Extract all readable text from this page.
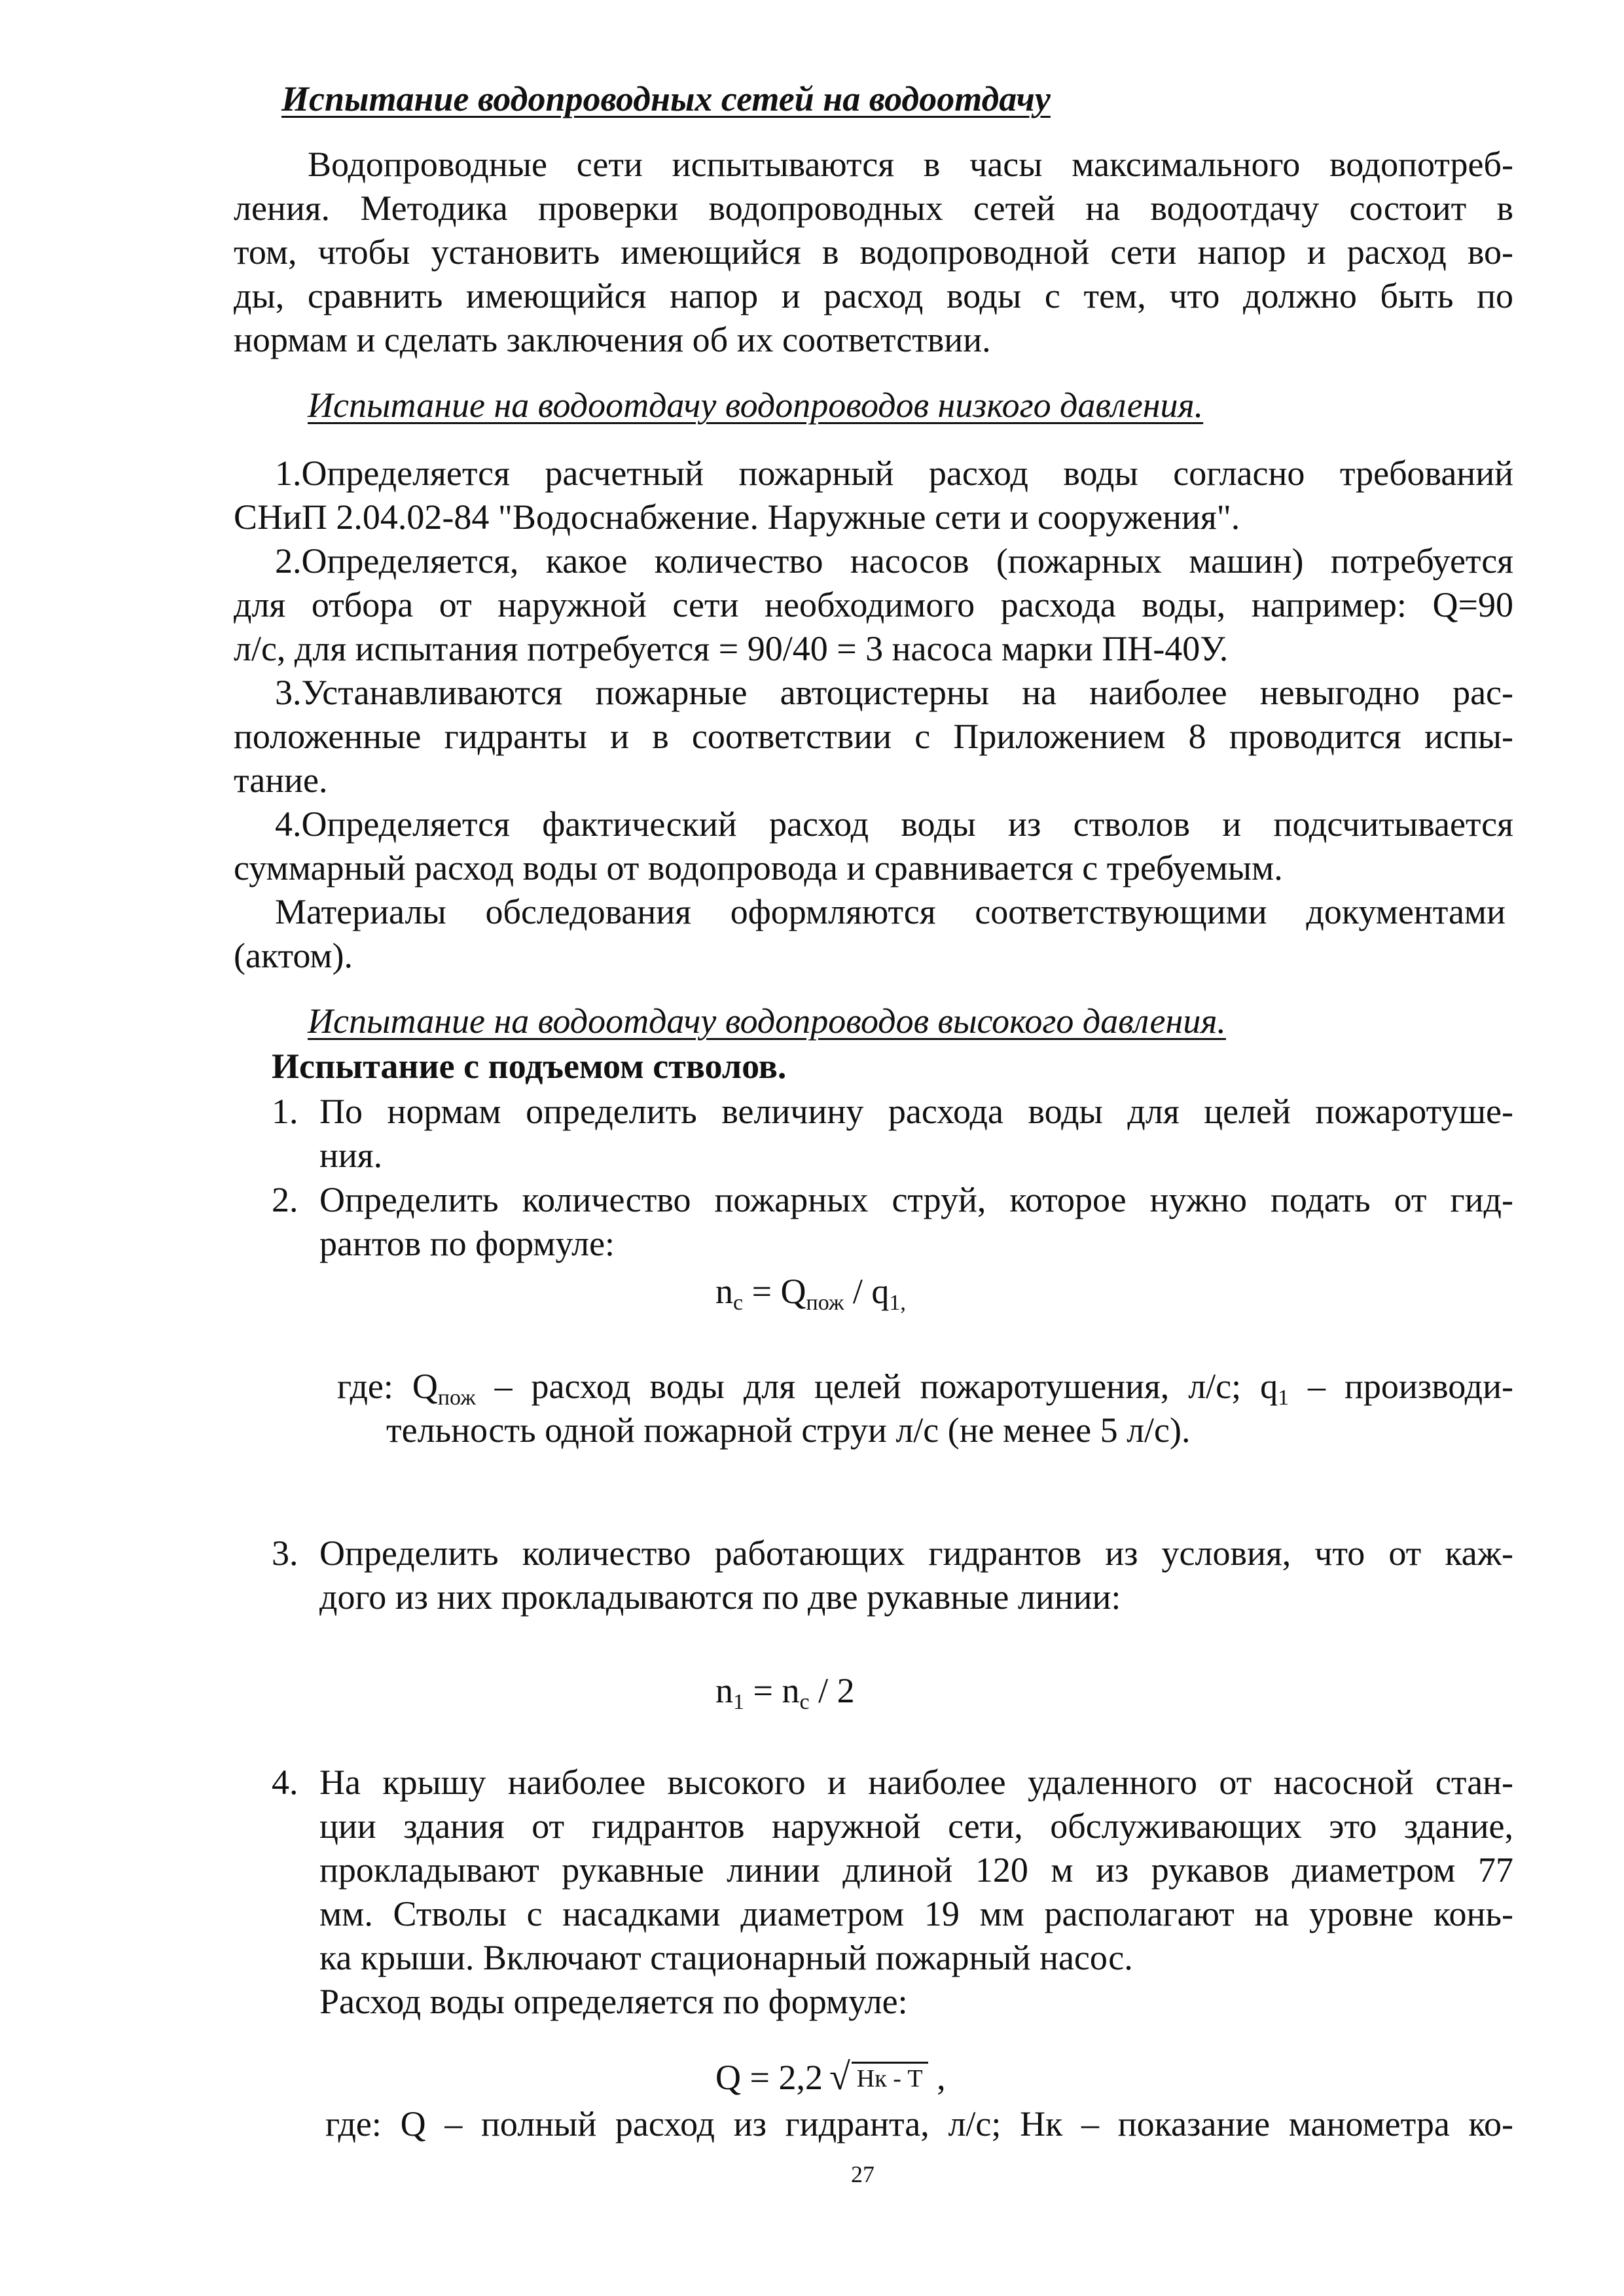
Испытание водопроводных сетей на водоотдачу

Водопроводные сети испытываются в часы максимального водопотреб-

ления. Методика проверки водопроводных сетей на водоотдачу состоит в

том, чтобы установить имеющийся в водопроводной сети напор и расход во-

ды, сравнить имеющийся напор и расход воды с тем, что должно быть по

нормам и сделать заключения об их соответствии.

Испытание на водоотдачу водопроводов низкого давления.

1.Определяется расчетный пожарный расход воды согласно требований

СНиП 2.04.02-84 "Водоснабжение. Наружные сети и сооружения".

2.Определяется, какое количество насосов (пожарных машин) потребуется

для отбора от наружной сети необходимого расхода воды, например: Q=90

л/с, для испытания потребуется = 90/40 = 3 насоса марки ПН-40У.

3.Устанавливаются пожарные автоцистерны на наиболее невыгодно рас-

положенные гидранты и в соответствии с Приложением 8 проводится испы-

тание.

4.Определяется фактический расход воды из стволов и подсчитывается

суммарный расход воды от водопровода и сравнивается с требуемым.

Материалы обследования оформляются соответствующими документами

(актом).

Испытание на водоотдачу водопроводов высокого давления.

Испытание с подъемом стволов.

1. По нормам определить величину расхода воды для целей пожаротуше-

ния.

2. Определить количество пожарных струй, которое нужно подать от гид-

рантов по формуле:

$n_с = Q_{пож} / q_{1,}$

где: $Q_{пож}$ – расход воды для целей пожаротушения, л/с; $q_1$ – производи-

тельность одной пожарной струи л/с (не менее 5 л/с).

3. Определить количество работающих гидрантов из условия, что от каж-

дого из них прокладываются по две рукавные линии:

$n_1 = n_с / 2$

4. На крышу наиболее высокого и наиболее удаленного от насосной стан-

ции здания от гидрантов наружной сети, обслуживающих это здание,

прокладывают рукавные линии длиной 120 м из рукавов диаметром 77

мм. Стволы с насадками диаметром 19 мм располагают на уровне конь-

ка крыши. Включают стационарный пожарный насос.

Расход воды определяется по формуле:

Q = 2,2 √ Нк - Т ,

где: Q – полный расход из гидранта, л/с; Нк – показание манометра ко-

27
